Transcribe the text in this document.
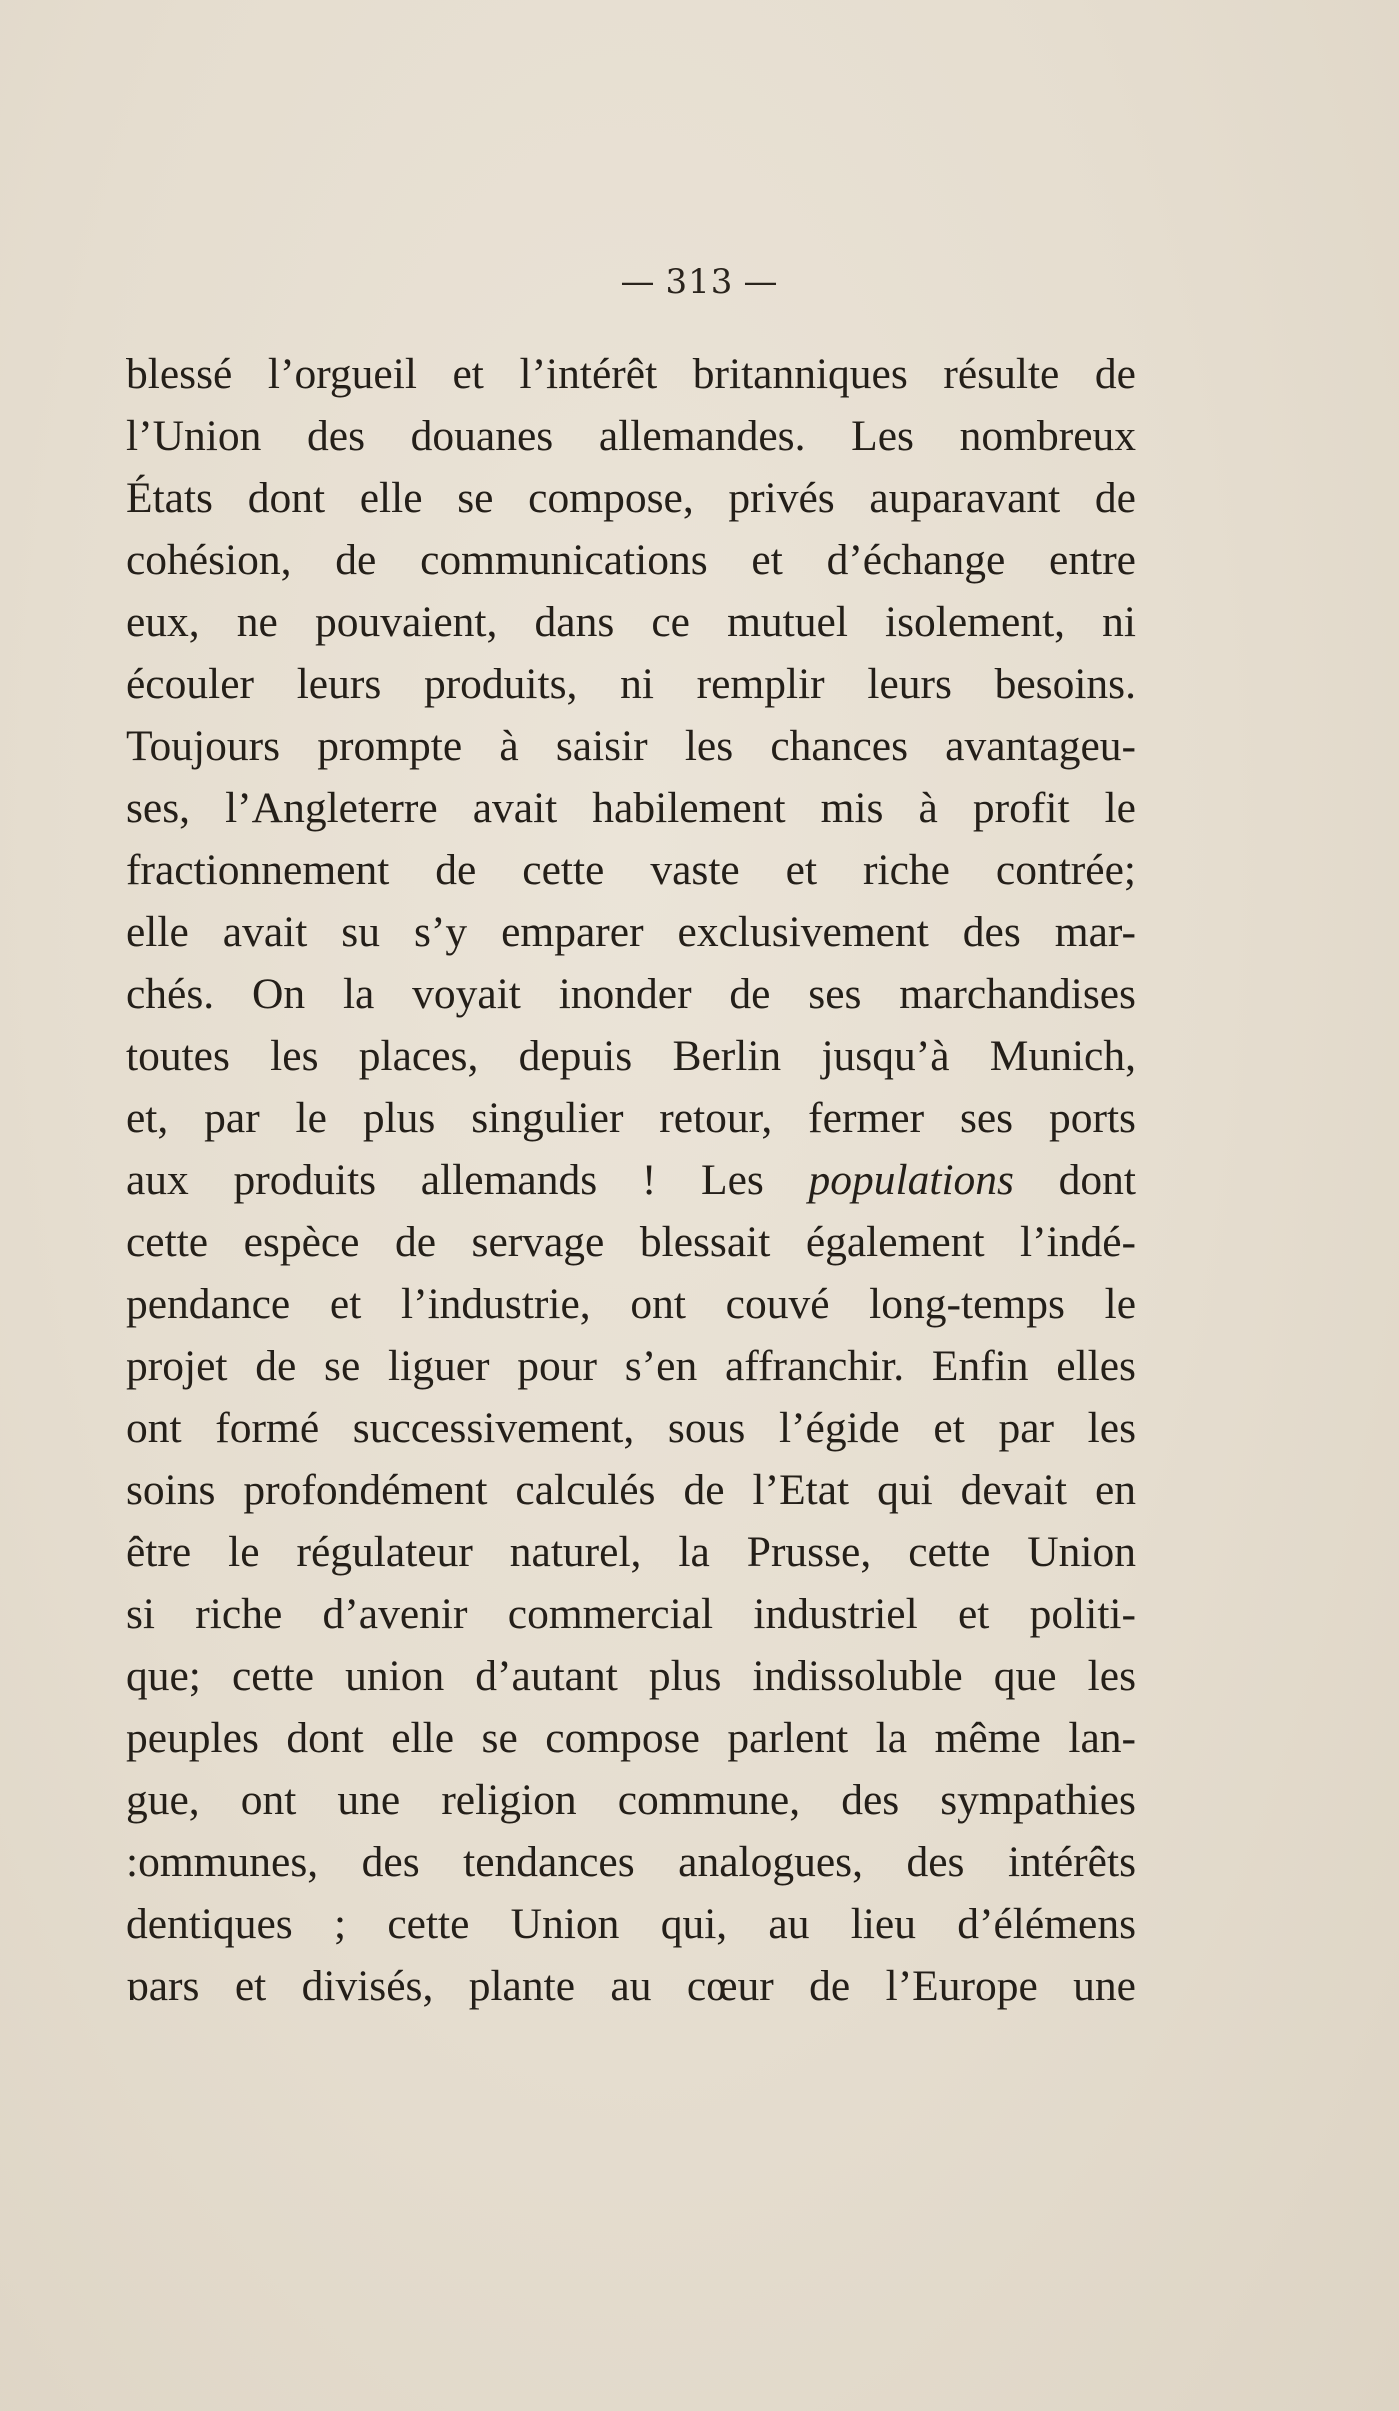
— 313 —
blessé l’orgueil et l’intérêt britanniques résulte de
l’Union des douanes allemandes. Les nombreux
États dont elle se compose, privés auparavant de
cohésion, de communications et d’échange entre
eux, ne pouvaient, dans ce mutuel isolement, ni
écouler leurs produits, ni remplir leurs besoins.
Toujours prompte à saisir les chances avantageu-
ses, l’Angleterre avait habilement mis à profit le
fractionnement de cette vaste et riche contrée;
elle avait su s’y emparer exclusivement des mar-
chés. On la voyait inonder de ses marchandises
toutes les places, depuis Berlin jusqu’à Munich,
et, par le plus singulier retour, fermer ses ports
aux produits allemands ! Les populations dont
cette espèce de servage blessait également l’indé-
pendance et l’industrie, ont couvé long-temps le
projet de se liguer pour s’en affranchir. Enfin elles
ont formé successivement, sous l’égide et par les
soins profondément calculés de l’Etat qui devait en
être le régulateur naturel, la Prusse, cette Union
si riche d’avenir commercial industriel et politi-
que; cette union d’autant plus indissoluble que les
peuples dont elle se compose parlent la même lan-
gue, ont une religion commune, des sympathies
:ommunes, des tendances analogues, des intérêts
dentiques ; cette Union qui, au lieu d’élémens
ɒars et divisés, plante au cœur de l’Europe une
